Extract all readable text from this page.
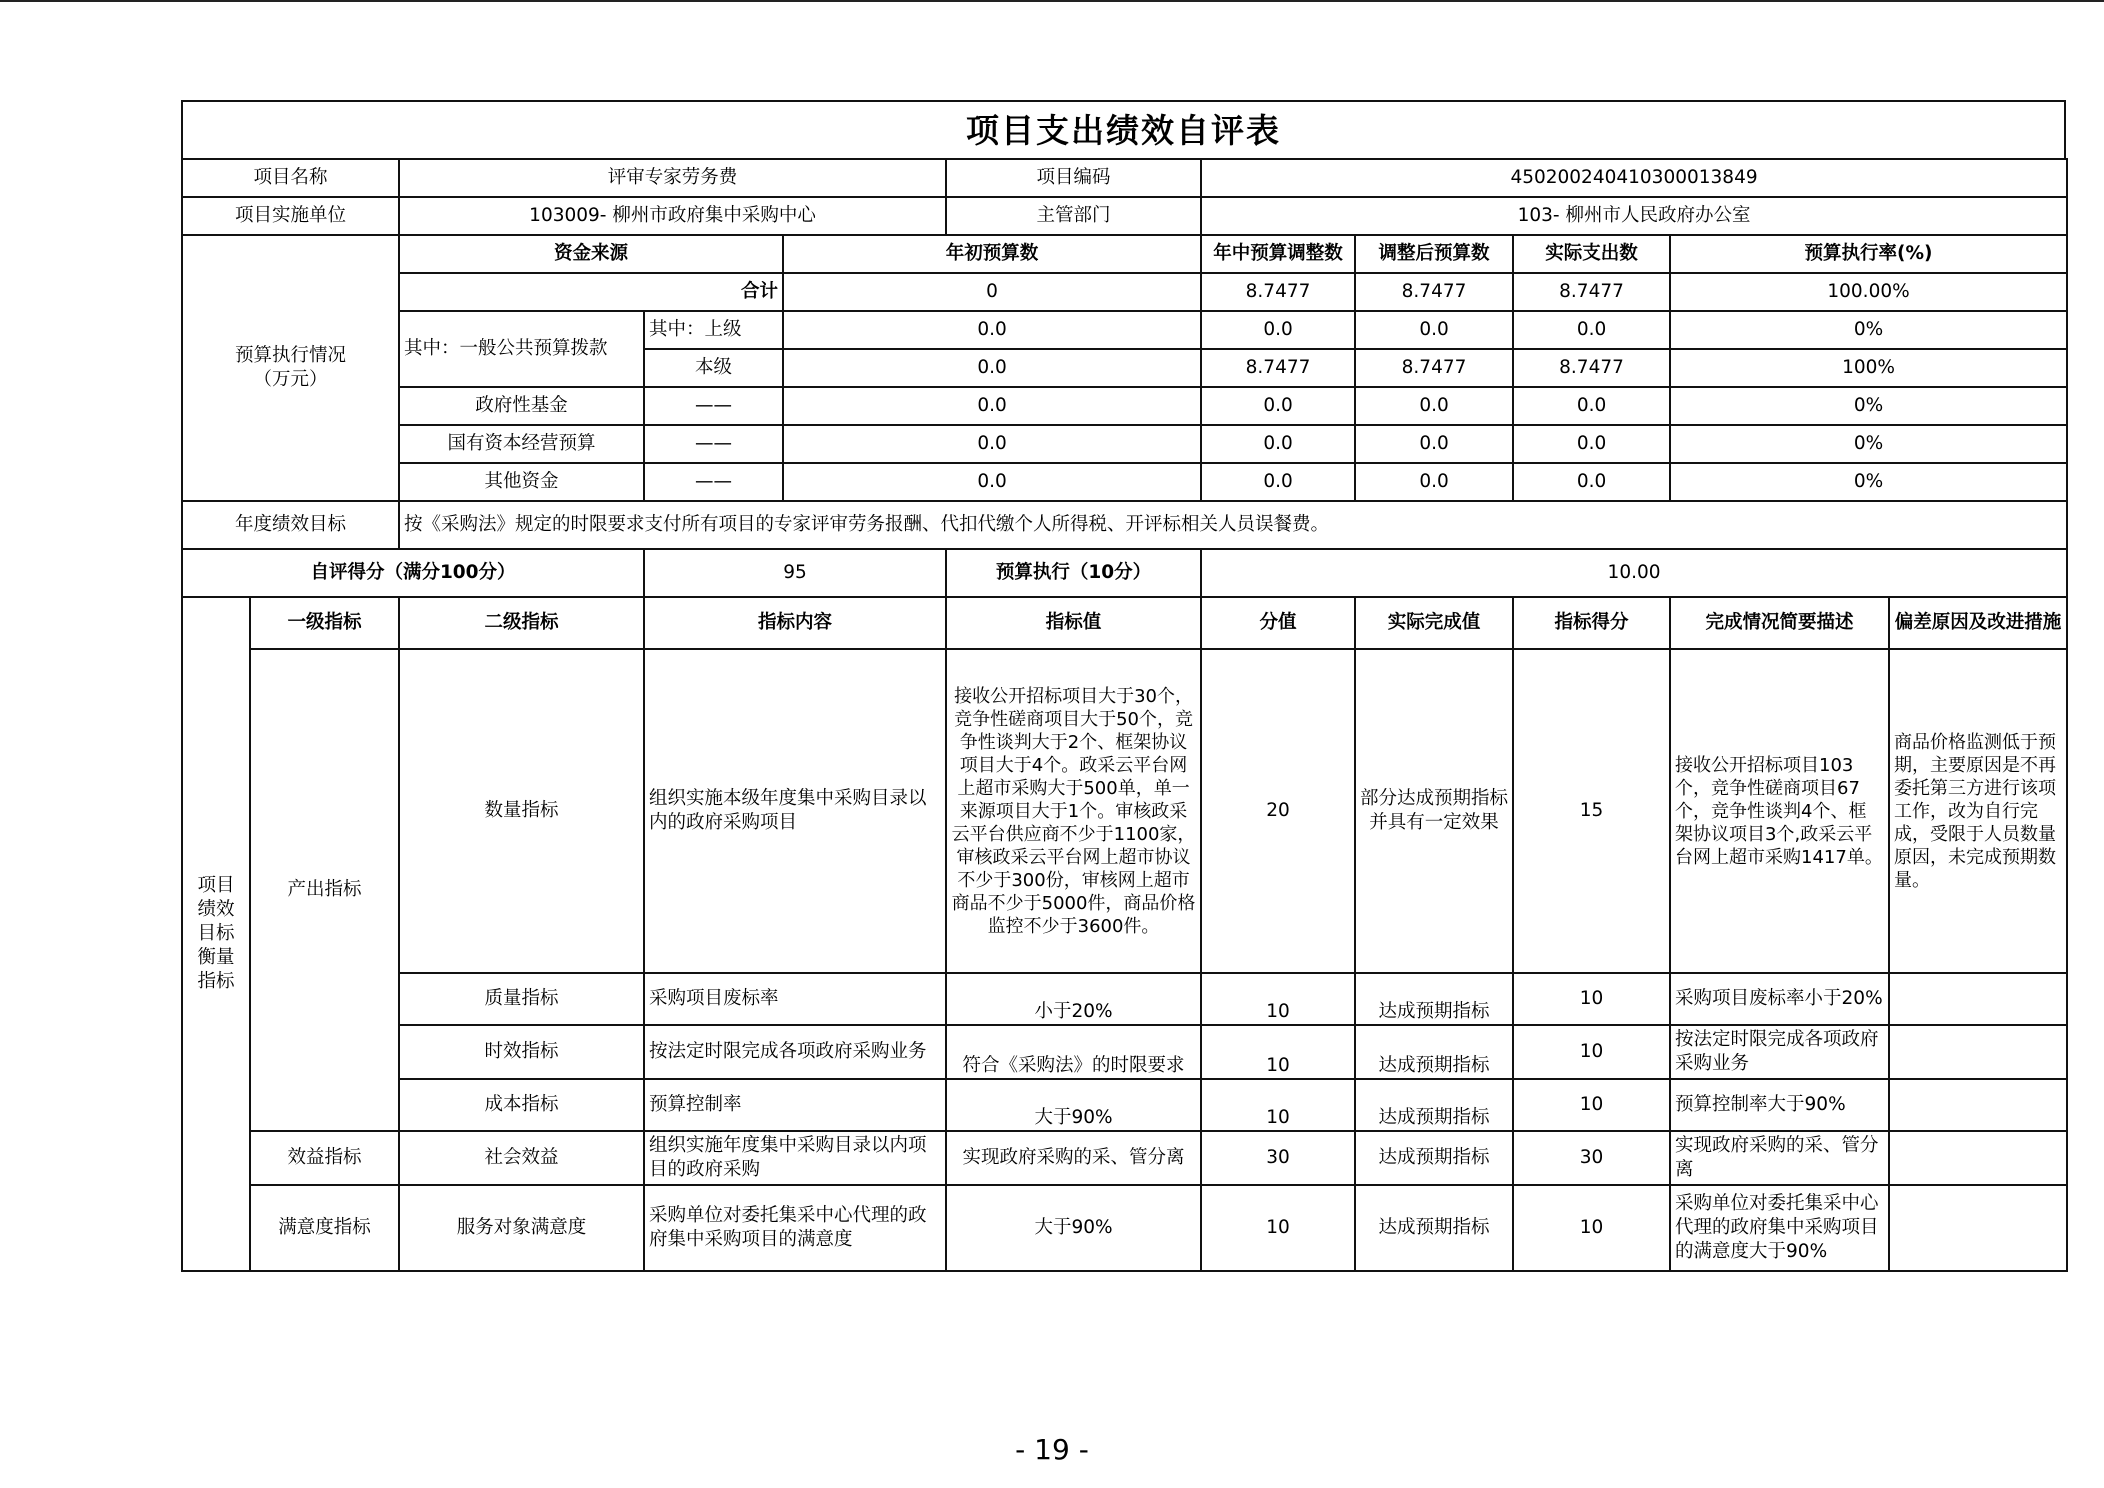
项目支出绩效自评表
项目名称		评审专家劳务费			项目编码	450200240410300013849				
项目实施单位		103009- 柳州市政府集中采购中心			主管部门	103- 柳州市人民政府办公室				
预算执行情况（万元）		资金来源		年初预算数		年中预算调整数	调整后预算数	实际支出数	预算执行率(%)	
		合计		0		8.7477	8.7477	8.7477	100.00%	
		其中：一般公共预算拨款	其中：上级	0.0		0.0	0.0	0.0	0%	
			本级	0.0		8.7477	8.7477	8.7477	100%	
		政府性基金	——	0.0		0.0	0.0	0.0	0%	
		国有资本经营预算	——	0.0		0.0	0.0	0.0	0%	
		其他资金	——	0.0		0.0	0.0	0.0	0%	
年度绩效目标		按《采购法》规定的时限要求支付所有项目的专家评审劳务报酬、代扣代缴个人所得税、开评标相关人员误餐费。								
自评得分（满分100分）			95		预算执行（10分）	10.00				
项目绩效目标衡量指标	一级指标	二级指标	指标内容		指标值	分值	实际完成值	指标得分	完成情况简要描述	偏差原因及改进措施
	产出指标	数量指标	组织实施本级年度集中采购目录以内的政府采购项目		接收公开招标项目大于30个，竞争性磋商项目大于50个，竞争性谈判大于2个、框架协议项目大于4个。政采云平台网上超市采购大于500单，单一来源项目大于1个。审核政采云平台供应商不少于1100家，审核政采云平台网上超市协议不少于300份，审核网上超市商品不少于5000件，商品价格监控不少于3600件。	20	部分达成预期指标并具有一定效果	15	接收公开招标项目103个，竞争性磋商项目67个，竞争性谈判4个、框架协议项目3个,政采云平台网上超市采购1417单。	商品价格监测低于预期，主要原因是不再委托第三方进行该项工作，改为自行完成，受限于人员数量原因，未完成预期数量。
		质量指标	采购项目废标率		小于20%	10	达成预期指标	10	采购项目废标率小于20%	
		时效指标	按法定时限完成各项政府采购业务		符合《采购法》的时限要求	10	达成预期指标	10	按法定时限完成各项政府采购业务	
		成本指标	预算控制率		大于90%	10	达成预期指标	10	预算控制率大于90%	
	效益指标	社会效益	组织实施年度集中采购目录以内项目的政府采购		实现政府采购的采、管分离	30	达成预期指标	30	实现政府采购的采、管分离	
	满意度指标	服务对象满意度	采购单位对委托集采中心代理的政府集中采购项目的满意度		大于90%	10	达成预期指标	10	采购单位对委托集采中心代理的政府集中采购项目的满意度大于90%	
- 19 -
